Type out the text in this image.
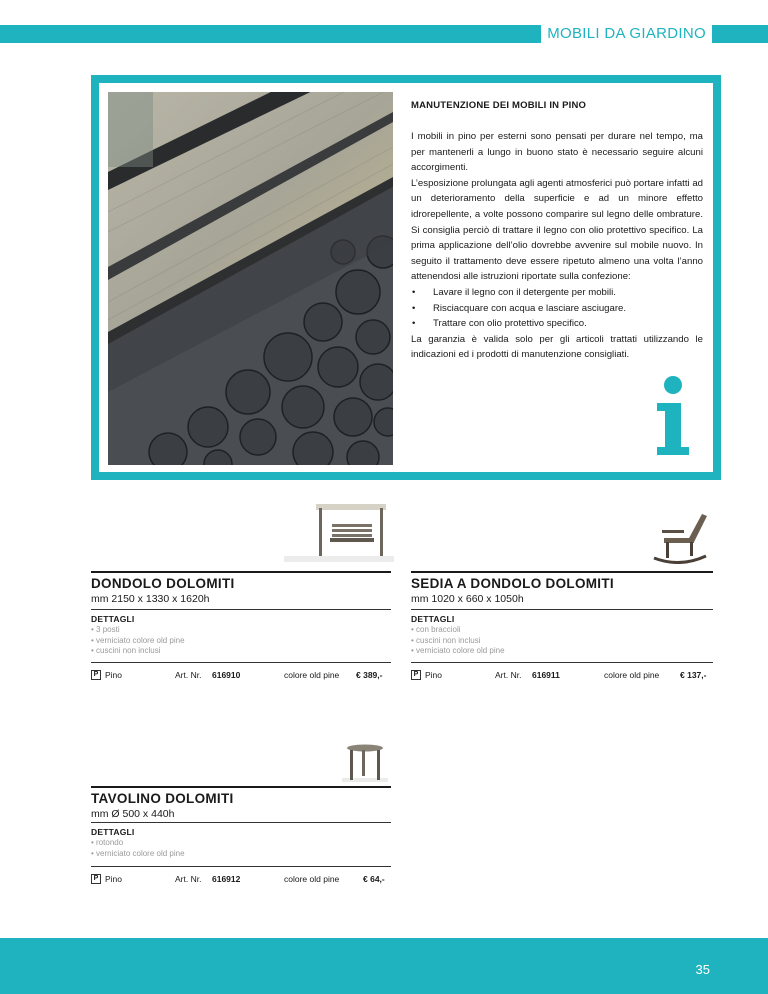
MOBILI DA GIARDINO
MANUTENZIONE DEI MOBILI IN PINO

I mobili in pino per esterni sono pensati per durare nel tempo, ma per mantenerli a lungo in buono stato è necessario seguire alcuni accorgimenti.

L’esposizione prolungata agli agenti atmosferici può portare infatti ad un deterioramento della superficie e ad un minore effetto idrorepellente, a volte possono comparire sul legno delle ombrature. Si consiglia perciò di trattare il legno con olio protettivo specifico. La prima applicazione dell’olio dovrebbe avvenire sul mobile nuovo. In seguito il trattamento deve essere ripetuto almeno una volta l’anno attenendosi alle istruzioni riportate sulla confezione:

• Lavare il legno con il detergente per mobili.
• Risciacquare con acqua e lasciare asciugare.
• Trattare con olio protettivo specifico.

La garanzia è valida solo per gli articoli trattati utilizzando le indicazioni ed i prodotti di manutenzione consigliati.

DONDOLO DOLOMITI
mm 2150 x 1330 x 1620h
DETTAGLI
• 3 posti
• verniciato colore old pine
• cuscini non inclusi
P Pino	Art. Nr. 616910	colore old pine € 389,-
SEDIA A DONDOLO DOLOMITI
mm 1020 x 660 x 1050h
DETTAGLI
• con braccioli
• cuscini non inclusi
• verniciato colore old pine
P Pino	Art. Nr. 616911	colore old pine € 137,-
TAVOLINO DOLOMITI
mm Ø 500 x 440h
DETTAGLI
• rotondo
• verniciato colore old pine
P Pino	Art. Nr. 616912	colore old pine	€ 64,-
35
